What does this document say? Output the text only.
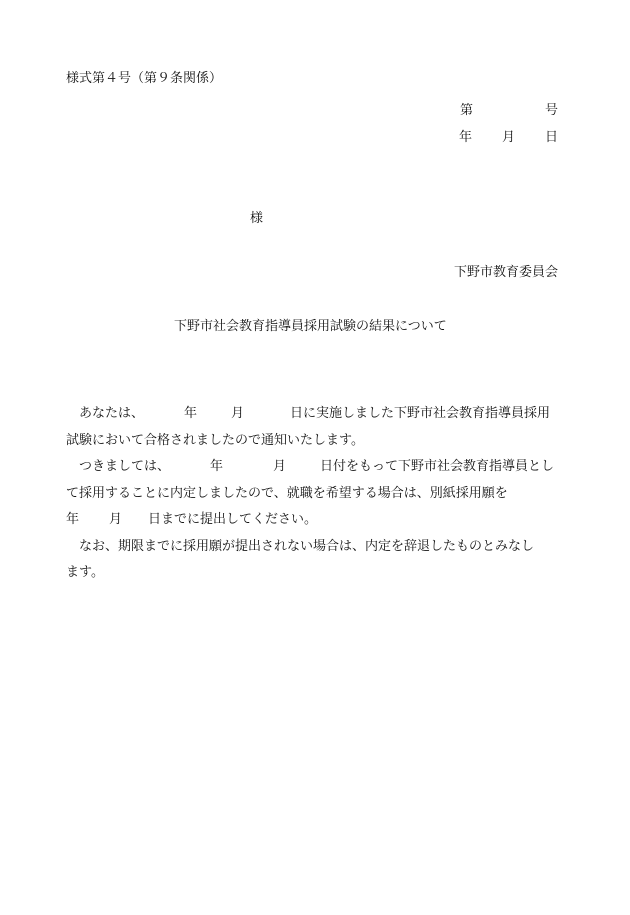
様式第４号（第９条関係）
第	号
年 月 日
様
下野市教育委員会
下野市社会教育指導員採用試験の結果について
あなたは、	年	月	日に実施しました下野市社会教育指導員採用
試験において合格されましたので通知いたします。
つきましては、	年	月	日付をもって下野市社会教育指導員とし
て採用することに内定しましたので、就職を希望する場合は、別紙採用願を
年 月 日までに提出してください。
なお、期限までに採用願が提出されない場合は、内定を辞退したものとみなし
ます。
